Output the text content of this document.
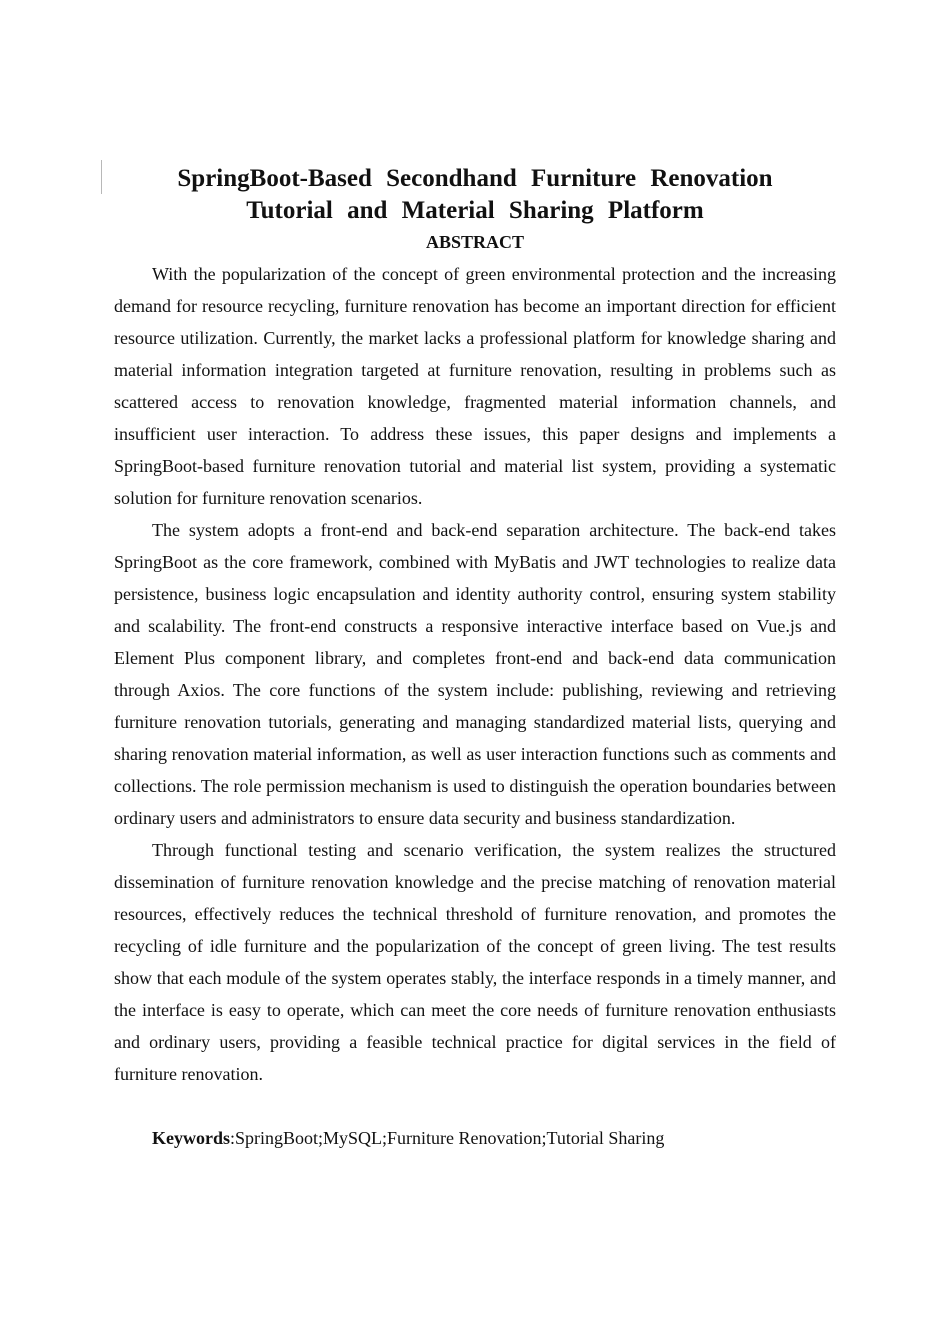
SpringBoot-Based Secondhand Furniture Renovation
Tutorial and Material Sharing Platform
ABSTRACT

With the popularization of the concept of green environmental protection and the increasing demand for resource recycling, furniture renovation has become an important direction for efficient resource utilization. Currently, the market lacks a professional platform for knowledge sharing and material information integration targeted at furniture renovation, resulting in problems such as scattered access to renovation knowledge, fragmented material information channels, and insufficient user interaction. To address these issues, this paper designs and implements a SpringBoot-based furniture renovation tutorial and material list system, providing a systematic solution for furniture renovation scenarios.

The system adopts a front-end and back-end separation architecture. The back-end takes SpringBoot as the core framework, combined with MyBatis and JWT technologies to realize data persistence, business logic encapsulation and identity authority control, ensuring system stability and scalability. The front-end constructs a responsive interactive interface based on Vue.js and Element Plus component library, and completes front-end and back-end data communication through Axios. The core functions of the system include: publishing, reviewing and retrieving furniture renovation tutorials, generating and managing standardized material lists, querying and sharing renovation material information, as well as user interaction functions such as comments and collections. The role permission mechanism is used to distinguish the operation boundaries between ordinary users and administrators to ensure data security and business standardization.

Through functional testing and scenario verification, the system realizes the structured dissemination of furniture renovation knowledge and the precise matching of renovation material resources, effectively reduces the technical threshold of furniture renovation, and promotes the recycling of idle furniture and the popularization of the concept of green living. The test results show that each module of the system operates stably, the interface responds in a timely manner, and the interface is easy to operate, which can meet the core needs of furniture renovation enthusiasts and ordinary users, providing a feasible technical practice for digital services in the field of furniture renovation.

Keywords:SpringBoot;MySQL;Furniture Renovation;Tutorial Sharing
